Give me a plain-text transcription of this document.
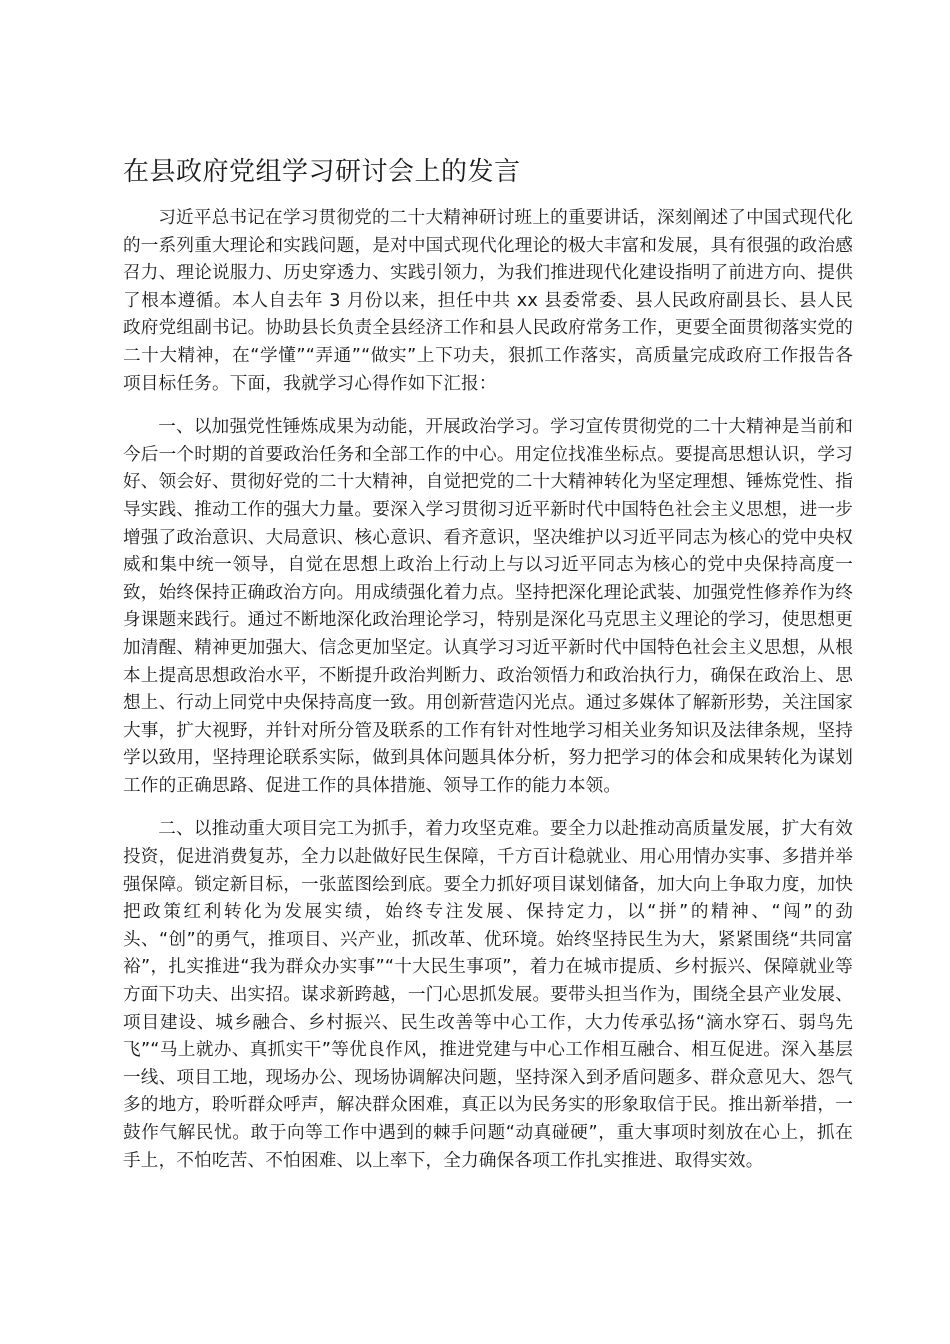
在县政府党组学习研讨会上的发言

习近平总书记在学习贯彻党的二十大精神研讨班上的重要讲话，深刻阐述了中国式现代化的一系列重大理论和实践问题，是对中国式现代化理论的极大丰富和发展，具有很强的政治感召力、理论说服力、历史穿透力、实践引领力，为我们推进现代化建设指明了前进方向、提供了根本遵循。本人自去年 3 月份以来，担任中共 xx 县委常委、县人民政府副县长、县人民政府党组副书记。协助县长负责全县经济工作和县人民政府常务工作，更要全面贯彻落实党的二十大精神，在“学懂”“弄通”“做实”上下功夫，狠抓工作落实，高质量完成政府工作报告各项目标任务。下面，我就学习心得作如下汇报：

一、以加强党性锤炼成果为动能，开展政治学习。学习宣传贯彻党的二十大精神是当前和今后一个时期的首要政治任务和全部工作的中心。用定位找准坐标点。要提高思想认识，学习好、领会好、贯彻好党的二十大精神，自觉把党的二十大精神转化为坚定理想、锤炼党性、指导实践、推动工作的强大力量。要深入学习贯彻习近平新时代中国特色社会主义思想，进一步增强了政治意识、大局意识、核心意识、看齐意识，坚决维护以习近平同志为核心的党中央权威和集中统一领导，自觉在思想上政治上行动上与以习近平同志为核心的党中央保持高度一致，始终保持正确政治方向。用成绩强化着力点。坚持把深化理论武装、加强党性修养作为终身课题来践行。通过不断地深化政治理论学习，特别是深化马克思主义理论的学习，使思想更加清醒、精神更加强大、信念更加坚定。认真学习习近平新时代中国特色社会主义思想，从根本上提高思想政治水平，不断提升政治判断力、政治领悟力和政治执行力，确保在政治上、思想上、行动上同党中央保持高度一致。用创新营造闪光点。通过多媒体了解新形势，关注国家大事，扩大视野，并针对所分管及联系的工作有针对性地学习相关业务知识及法律条规，坚持学以致用，坚持理论联系实际，做到具体问题具体分析，努力把学习的体会和成果转化为谋划工作的正确思路、促进工作的具体措施、领导工作的能力本领。

二、以推动重大项目完工为抓手，着力攻坚克难。要全力以赴推动高质量发展，扩大有效投资，促进消费复苏，全力以赴做好民生保障，千方百计稳就业、用心用情办实事、多措并举强保障。锁定新目标，一张蓝图绘到底。要全力抓好项目谋划储备，加大向上争取力度，加快把政策红利转化为发展实绩，始终专注发展、保持定力，以“拼”的精神、“闯”的劲头、“创”的勇气，推项目、兴产业，抓改革、优环境。始终坚持民生为大，紧紧围绕“共同富裕”，扎实推进“我为群众办实事”“十大民生事项”，着力在城市提质、乡村振兴、保障就业等方面下功夫、出实招。谋求新跨越，一门心思抓发展。要带头担当作为，围绕全县产业发展、项目建设、城乡融合、乡村振兴、民生改善等中心工作，大力传承弘扬“滴水穿石、弱鸟先飞”“马上就办、真抓实干”等优良作风，推进党建与中心工作相互融合、相互促进。深入基层一线、项目工地，现场办公、现场协调解决问题，坚持深入到矛盾问题多、群众意见大、怨气多的地方，聆听群众呼声，解决群众困难，真正以为民务实的形象取信于民。推出新举措，一鼓作气解民忧。敢于向等工作中遇到的棘手问题“动真碰硬”，重大事项时刻放在心上，抓在手上，不怕吃苦、不怕困难、以上率下，全力确保各项工作扎实推进、取得实效。
